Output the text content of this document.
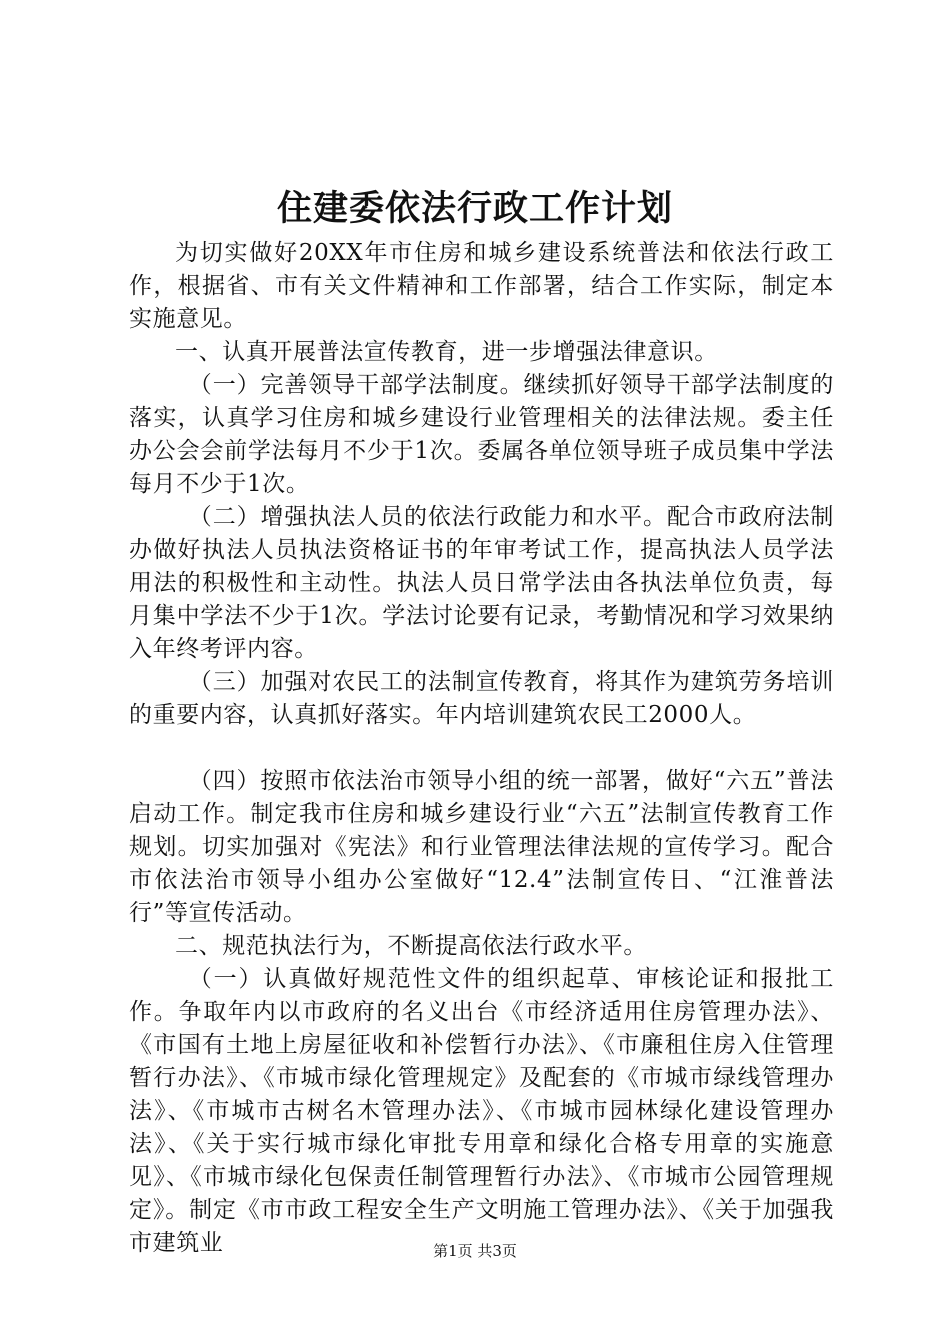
住建委依法行政工作计划

为切实做好20XX年市住房和城乡建设系统普法和依法行政工作，根据省、市有关文件精神和工作部署，结合工作实际，制定本实施意见。

一、认真开展普法宣传教育，进一步增强法律意识。

（一）完善领导干部学法制度。继续抓好领导干部学法制度的落实，认真学习住房和城乡建设行业管理相关的法律法规。委主任办公会会前学法每月不少于1次。委属各单位领导班子成员集中学法每月不少于1次。

（二）增强执法人员的依法行政能力和水平。配合市政府法制办做好执法人员执法资格证书的年审考试工作，提高执法人员学法用法的积极性和主动性。执法人员日常学法由各执法单位负责，每月集中学法不少于1次。学法讨论要有记录，考勤情况和学习效果纳入年终考评内容。

（三）加强对农民工的法制宣传教育，将其作为建筑劳务培训的重要内容，认真抓好落实。年内培训建筑农民工2000人。

（四）按照市依法治市领导小组的统一部署，做好“六五”普法启动工作。制定我市住房和城乡建设行业“六五”法制宣传教育工作规划。切实加强对《宪法》和行业管理法律法规的宣传学习。配合市依法治市领导小组办公室做好“12.4”法制宣传日、“江淮普法行”等宣传活动。

二、规范执法行为，不断提高依法行政水平。

（一）认真做好规范性文件的组织起草、审核论证和报批工作。争取年内以市政府的名义出台《市经济适用住房管理办法》、《市国有土地上房屋征收和补偿暂行办法》、《市廉租住房入住管理暂行办法》、《市城市绿化管理规定》及配套的《市城市绿线管理办法》、《市城市古树名木管理办法》、《市城市园林绿化建设管理办法》、《关于实行城市绿化审批专用章和绿化合格专用章的实施意见》、《市城市绿化包保责任制管理暂行办法》、《市城市公园管理规定》。制定《市市政工程安全生产文明施工管理办法》、《关于加强我市建筑业	第1页 共3页
